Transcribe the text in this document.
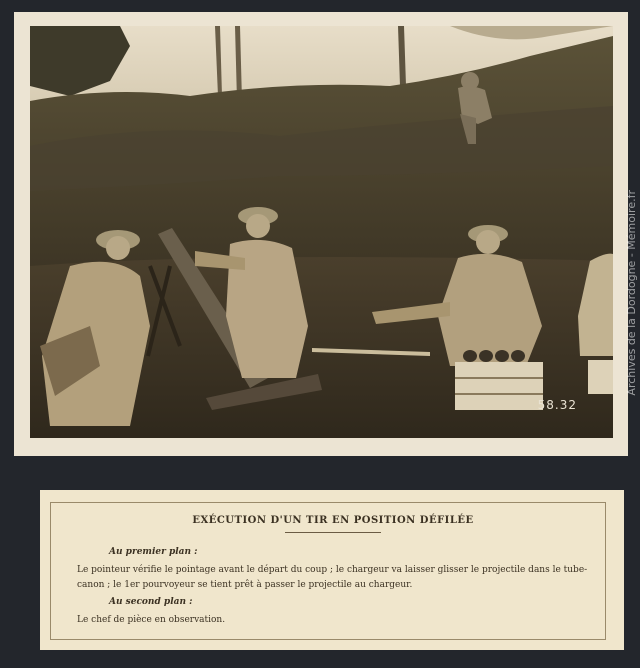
58.32
Archives de la Dordogne - Mémoire.fr

EXÉCUTION D'UN TIR EN POSITION DÉFILÉE

Au premier plan :

Le pointeur vérifie le pointage avant le départ du coup ; le chargeur va laisser glisser le projectile dans le tube-canon ; le 1er pourvoyeur se tient prêt à passer le projectile au chargeur.

Au second plan :

Le chef de pièce en observation.
